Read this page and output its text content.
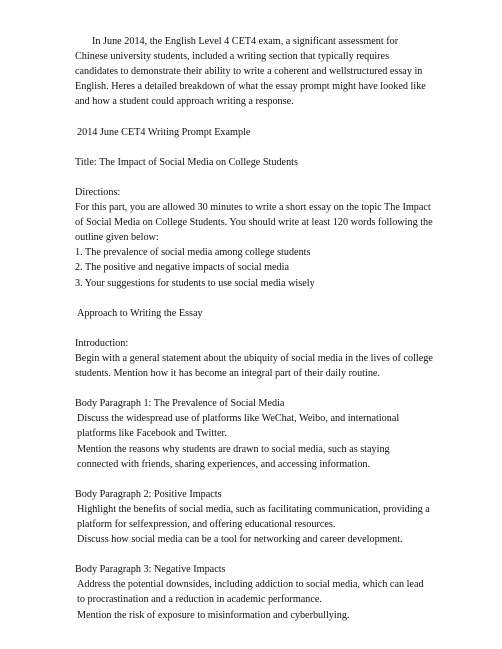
In June 2014, the English Level 4 CET4 exam, a significant assessment for Chinese university students, included a writing section that typically requires candidates to demonstrate their ability to write a coherent and wellstructured essay in English. Heres a detailed breakdown of what the essay prompt might have looked like and how a student could approach writing a response.

2014 June CET4 Writing Prompt Example

Title: The Impact of Social Media on College Students

Directions:

For this part, you are allowed 30 minutes to write a short essay on the topic The Impact of Social Media on College Students. You should write at least 120 words following the outline given below:

1. The prevalence of social media among college students

2. The positive and negative impacts of social media

3. Your suggestions for students to use social media wisely

Approach to Writing the Essay

Introduction:

Begin with a general statement about the ubiquity of social media in the lives of college students. Mention how it has become an integral part of their daily routine.

Body Paragraph 1: The Prevalence of Social Media

Discuss the widespread use of platforms like WeChat, Weibo, and international platforms like Facebook and Twitter.

Mention the reasons why students are drawn to social media, such as staying connected with friends, sharing experiences, and accessing information.

Body Paragraph 2: Positive Impacts

Highlight the benefits of social media, such as facilitating communication, providing a platform for selfexpression, and offering educational resources.

Discuss how social media can be a tool for networking and career development.

Body Paragraph 3: Negative Impacts

Address the potential downsides, including addiction to social media, which can lead to procrastination and a reduction in academic performance.

Mention the risk of exposure to misinformation and cyberbullying.
